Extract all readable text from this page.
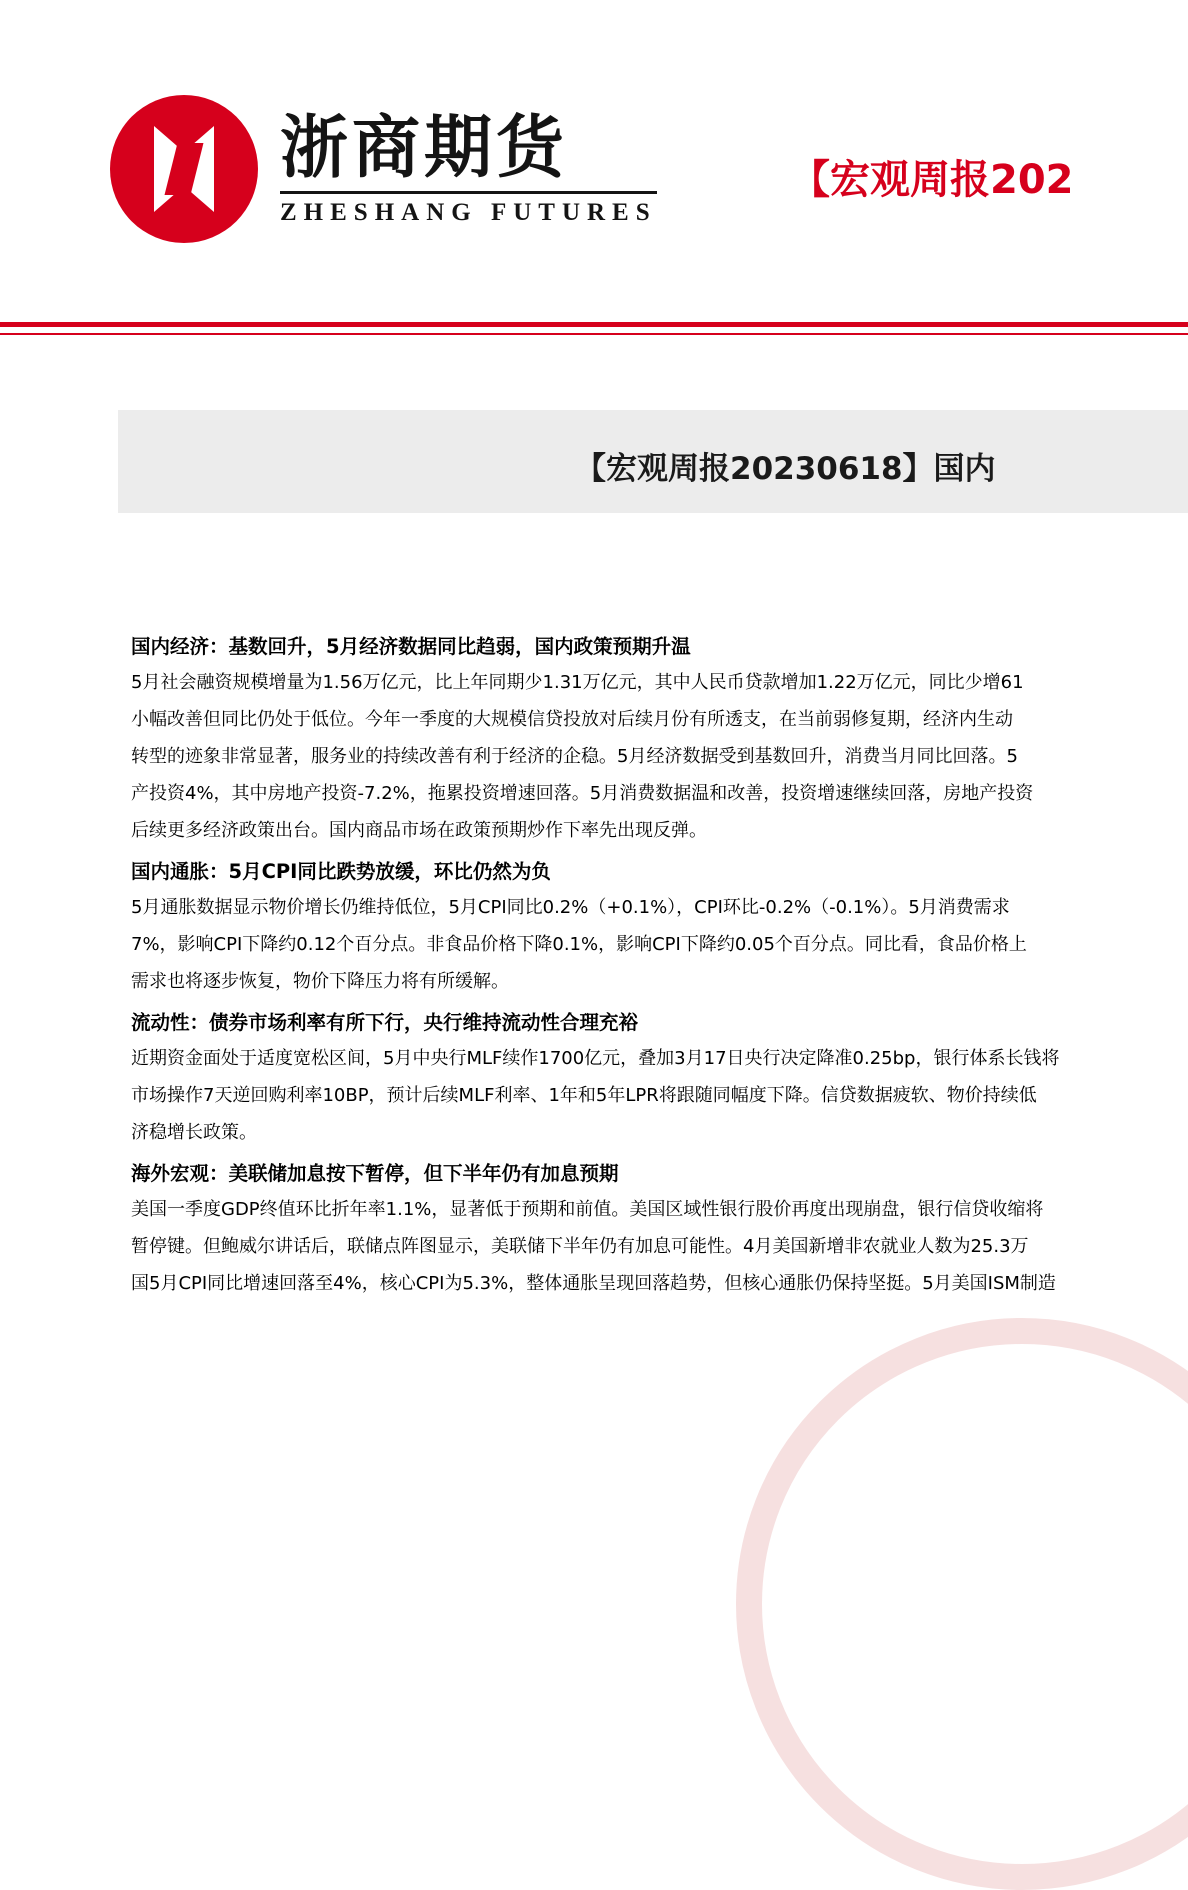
浙商期货
ZHESHANG FUTURES
【宏观周报202
【宏观周报20230618】国内
国内经济：基数回升，5月经济数据同比趋弱，国内政策预期升温
5月社会融资规模增量为1.56万亿元，比上年同期少1.31万亿元，其中人民币贷款增加1.22万亿元，同比少增61
小幅改善但同比仍处于低位。今年一季度的大规模信贷投放对后续月份有所透支，在当前弱修复期，经济内生动
转型的迹象非常显著，服务业的持续改善有利于经济的企稳。5月经济数据受到基数回升，消费当月同比回落。5
产投资4%，其中房地产投资-7.2%，拖累投资增速回落。5月消费数据温和改善，投资增速继续回落，房地产投资
后续更多经济政策出台。国内商品市场在政策预期炒作下率先出现反弹。
国内通胀：5月CPI同比跌势放缓，环比仍然为负
5月通胀数据显示物价增长仍维持低位，5月CPI同比0.2%（+0.1%），CPI环比-0.2%（-0.1%）。5月消费需求
7%，影响CPI下降约0.12个百分点。非食品价格下降0.1%，影响CPI下降约0.05个百分点。同比看，食品价格上
需求也将逐步恢复，物价下降压力将有所缓解。
流动性：债券市场利率有所下行，央行维持流动性合理充裕
近期资金面处于适度宽松区间，5月中央行MLF续作1700亿元，叠加3月17日央行决定降准0.25bp，银行体系长钱将
市场操作7天逆回购利率10BP，预计后续MLF利率、1年和5年LPR将跟随同幅度下降。信贷数据疲软、物价持续低
济稳增长政策。
海外宏观：美联储加息按下暂停，但下半年仍有加息预期
美国一季度GDP终值环比折年率1.1%，显著低于预期和前值。美国区域性银行股价再度出现崩盘，银行信贷收缩将
暂停键。但鲍威尔讲话后，联储点阵图显示，美联储下半年仍有加息可能性。4月美国新增非农就业人数为25.3万
国5月CPI同比增速回落至4%，核心CPI为5.3%，整体通胀呈现回落趋势，但核心通胀仍保持坚挺。5月美国ISM制造
